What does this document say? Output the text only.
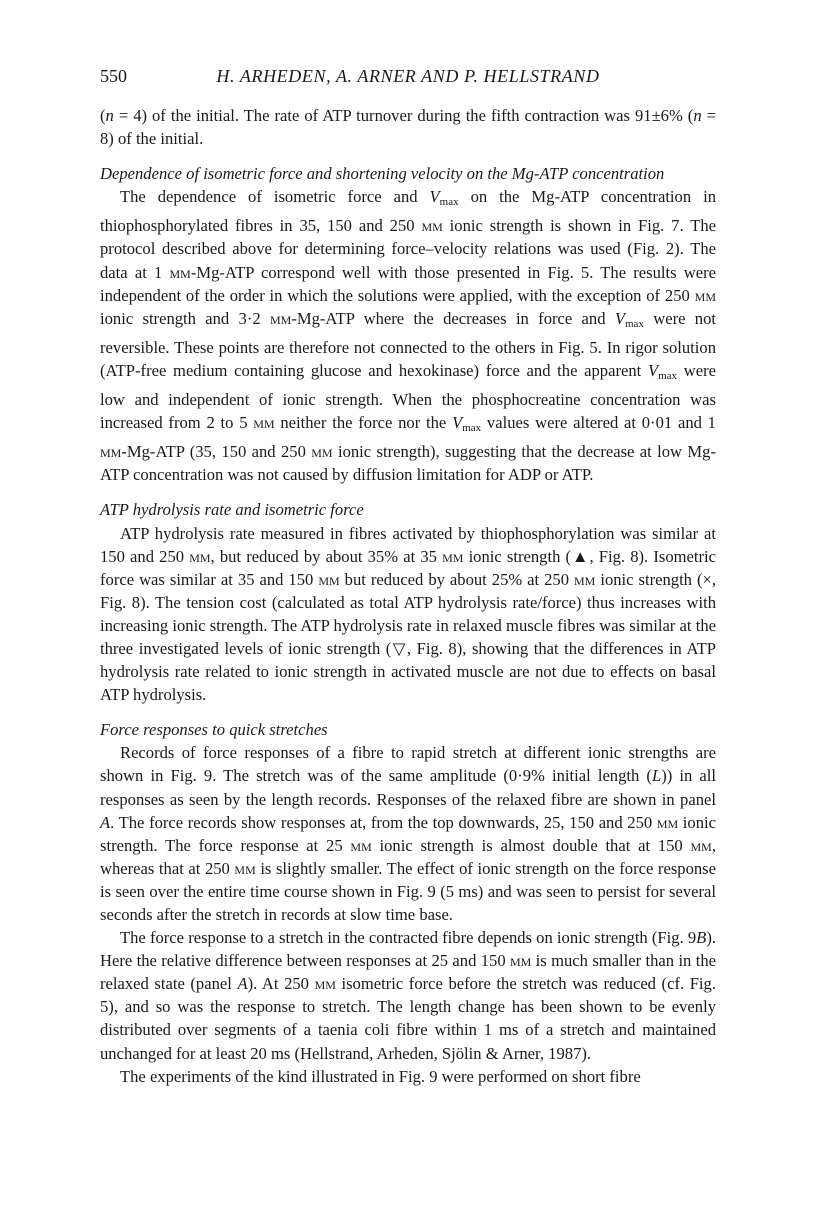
550	H. ARHEDEN, A. ARNER AND P. HELLSTRAND

(n = 4) of the initial. The rate of ATP turnover during the fifth contraction was 91±6% (n = 8) of the initial.

Dependence of isometric force and shortening velocity on the Mg-ATP concentration

The dependence of isometric force and $V_{max}$ on the Mg-ATP concentration in thiophosphorylated fibres in 35, 150 and 250 mm ionic strength is shown in Fig. 7. The protocol described above for determining force–velocity relations was used (Fig. 2). The data at 1 mm-Mg-ATP correspond well with those presented in Fig. 5. The results were independent of the order in which the solutions were applied, with the exception of 250 mm ionic strength and 3·2 mm-Mg-ATP where the decreases in force and $V_{max}$ were not reversible. These points are therefore not connected to the others in Fig. 5. In rigor solution (ATP-free medium containing glucose and hexokinase) force and the apparent $V_{max}$ were low and independent of ionic strength. When the phosphocreatine concentration was increased from 2 to 5 mm neither the force nor the $V_{max}$ values were altered at 0·01 and 1 mm-Mg-ATP (35, 150 and 250 mm ionic strength), suggesting that the decrease at low Mg-ATP concentration was not caused by diffusion limitation for ADP or ATP.

ATP hydrolysis rate and isometric force

ATP hydrolysis rate measured in fibres activated by thiophosphorylation was similar at 150 and 250 mm, but reduced by about 35% at 35 mm ionic strength (▲, Fig. 8). Isometric force was similar at 35 and 150 mm but reduced by about 25% at 250 mm ionic strength (×, Fig. 8). The tension cost (calculated as total ATP hydrolysis rate/force) thus increases with increasing ionic strength. The ATP hydrolysis rate in relaxed muscle fibres was similar at the three investigated levels of ionic strength (▽, Fig. 8), showing that the differences in ATP hydrolysis rate related to ionic strength in activated muscle are not due to effects on basal ATP hydrolysis.

Force responses to quick stretches

Records of force responses of a fibre to rapid stretch at different ionic strengths are shown in Fig. 9. The stretch was of the same amplitude (0·9% initial length (L)) in all responses as seen by the length records. Responses of the relaxed fibre are shown in panel A. The force records show responses at, from the top downwards, 25, 150 and 250 mm ionic strength. The force response at 25 mm ionic strength is almost double that at 150 mm, whereas that at 250 mm is slightly smaller. The effect of ionic strength on the force response is seen over the entire time course shown in Fig. 9 (5 ms) and was seen to persist for several seconds after the stretch in records at slow time base.

The force response to a stretch in the contracted fibre depends on ionic strength (Fig. 9B). Here the relative difference between responses at 25 and 150 mm is much smaller than in the relaxed state (panel A). At 250 mm isometric force before the stretch was reduced (cf. Fig. 5), and so was the response to stretch. The length change has been shown to be evenly distributed over segments of a taenia coli fibre within 1 ms of a stretch and maintained unchanged for at least 20 ms (Hellstrand, Arheden, Sjölin & Arner, 1987).

The experiments of the kind illustrated in Fig. 9 were performed on short fibre
